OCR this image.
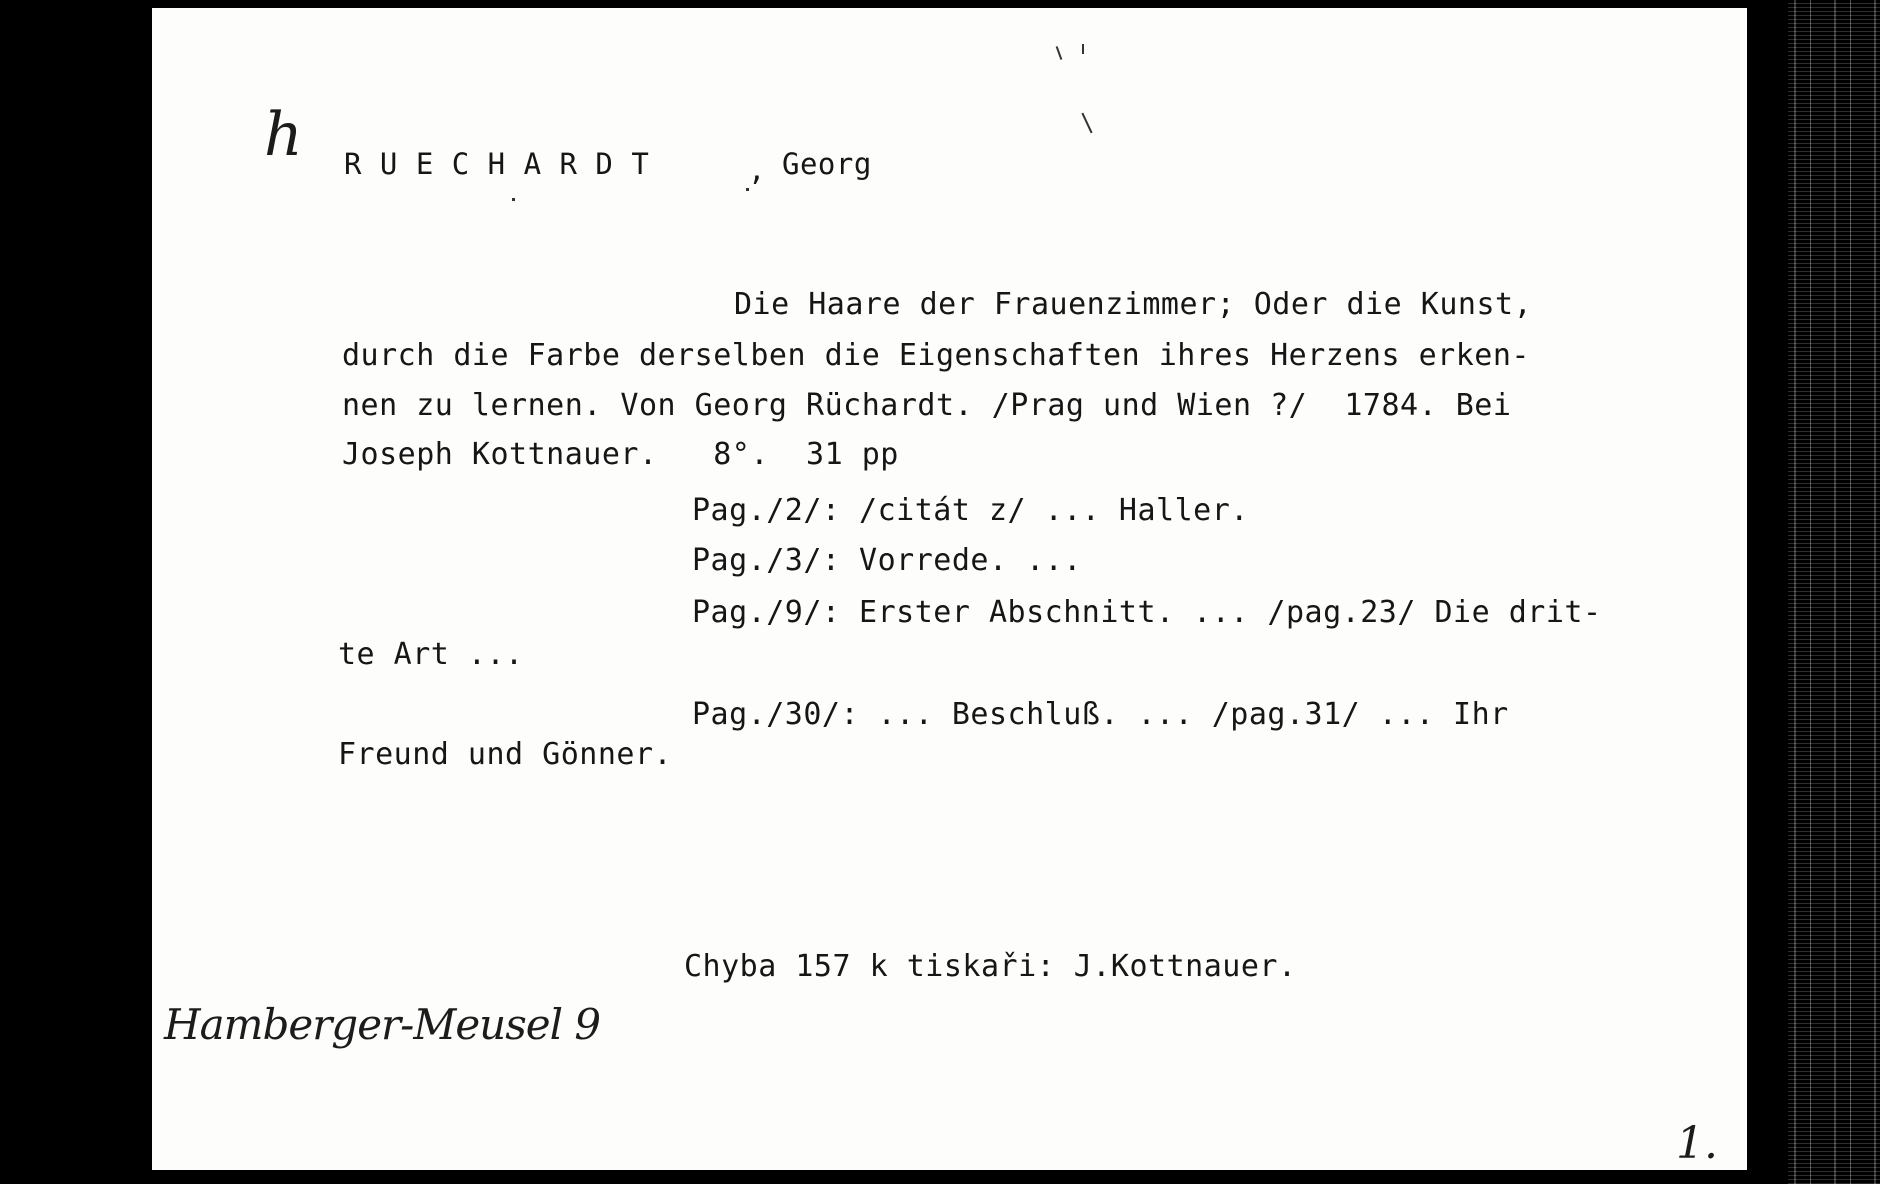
h R U E C H A R D T	, Georg
Die Haare der Frauenzimmer; Oder die Kunst,
durch die Farbe derselben die Eigenschaften ihres Herzens erken-
nen zu lernen. Von Georg Rüchardt. /Prag und Wien ?/  1784. Bei
Joseph Kottnauer.   8°.  31 pp
Pag./2/: /citát z/ ... Haller.
Pag./3/: Vorrede. ...
Pag./9/: Erster Abschnitt. ... /pag.23/ Die drit-
te Art ...
Pag./30/: ... Beschluß. ... /pag.31/ ... Ihr
Freund und Gönner.
Chyba 157 k tiskaři: J.Kottnauer.
Hamberger-Meusel 9
1.
